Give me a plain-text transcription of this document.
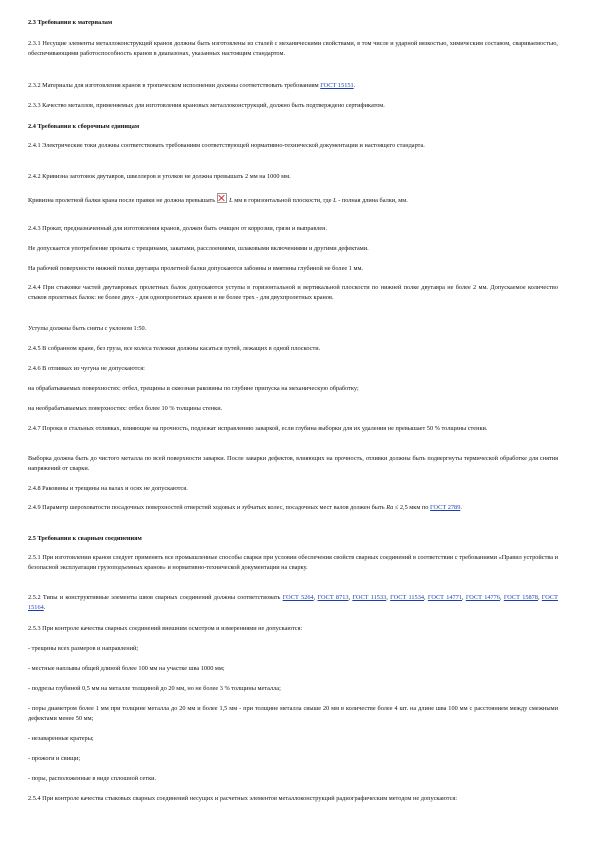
2.3 Требования к материалам

2.3.1 Несущие элементы металлоконструкций кранов должны быть изготовлены из сталей с механическими свойствами, в том числе и ударной вязкостью, химическим составом, свариваемостью, обеспечивающими работоспособность кранов в диапазонах, указанных настоящим стандартом.

2.3.2 Материалы для изготовления кранов в тропическом исполнении должны соответствовать требованиям ГОСТ 15151.

2.3.3 Качество металлов, применяемых для изготовления крановых металлоконструкций, должно быть подтверждено сертификатом.

2.4 Требования к сборочным единицам

2.4.1 Электрические токи должны соответствовать требованиям соответствующей нормативно-технической документации и настоящего стандарта.

2.4.2 Кривизна заготовок двутавров, швеллеров и уголков не должна превышать 2 мм на 1000 мм.

Кривизна пролетной балки крана после правки не должна превышать L мм в горизонтальной плоскости, где L - полная длина балки, мм.

2.4.3 Прокат, предназначенный для изготовления кранов, должен быть очищен от коррозии, грязи и выправлен.

Не допускается употребление проката с трещинами, закатами, расслоениями, шлаковыми включениями и другими дефектами.

На рабочей поверхности нижней полки двутавра пролетной балки допускаются забоины и вмятины глубиной не более 1 мм.

2.4.4 При стыковке частей двутавровых пролетных балок допускаются уступы в горизонтальной и вертикальной плоскости по нижней полке двутавра не более 2 мм. Допускаемое количество стыков пролетных балок: не более двух - для однопролетных кранов и не более трех - для двухпролетных кранов.

Уступы должны быть сняты с уклоном 1:50.

2.4.5 В собранном кране, без груза, все колеса тележки должны касаться путей, лежащих в одной плоскости.

2.4.6 В отливках из чугуна не допускаются:

на обрабатываемых поверхностях: отбел, трещины и сквозная раковины по глубине припуска на механическую обработку;

на необрабатываемых поверхностях: отбел более 10 % толщины стенки.

2.4.7 Пороки в стальных отливках, влияющие на прочность, подлежат исправлению заваркой, если глубина выборки для их удаления не превышает 50 % толщины стенки.

Выборка должна быть до чистого металла по всей поверхности заварки. После заварки дефектов, влияющих на прочность, отливки должны быть подвергнуты термической обработке для снятия напряжений от сварки.

2.4.8 Раковины и трещины на валах и осях не допускаются.

2.4.9 Параметр шероховатости посадочных поверхностей отверстий ходовых и зубчатых колес, посадочных мест валов должен быть Ra ≤ 2,5 мкм по ГОСТ 2789.

2.5 Требования к сварным соединениям

2.5.1 При изготовлении кранов следует применять все промышленные способы сварки при условии обеспечения свойств сварных соединений в соответствии с требованиями «Правил устройства и безопасной эксплуатации грузоподъемных кранов» и нормативно-технической документации на сварку.

2.5.2 Типы и конструктивные элементы швов сварных соединений должны соответствовать ГОСТ 5264, ГОСТ 8713, ГОСТ 11533, ГОСТ 11534, ГОСТ 14771, ГОСТ 14776, ГОСТ 15878, ГОСТ 15164.

2.5.3 При контроле качества сварных соединений внешним осмотром и измерениями не допускаются:

- трещины всех размеров и направлений;

- местные наплывы общей длиной более 100 мм на участке шва 1000 мм;

- подрезы глубиной 0,5 мм на металле толщиной до 20 мм, но не более 3 % толщины металла;

- поры диаметром более 1 мм при толщине металла до 20 мм и более 1,5 мм - при толщине металла свыше 20 мм в количестве более 4 шт. на длине шва 100 мм с расстоянием между смежными дефектами менее 50 мм;

- незаваренные кратеры;

- прожоги и свищи;

- поры, расположенные в виде сплошной сетки.

2.5.4 При контроле качества стыковых сварных соединений несущих и расчетных элементов металлоконструкций радиографическим методом не допускаются:
